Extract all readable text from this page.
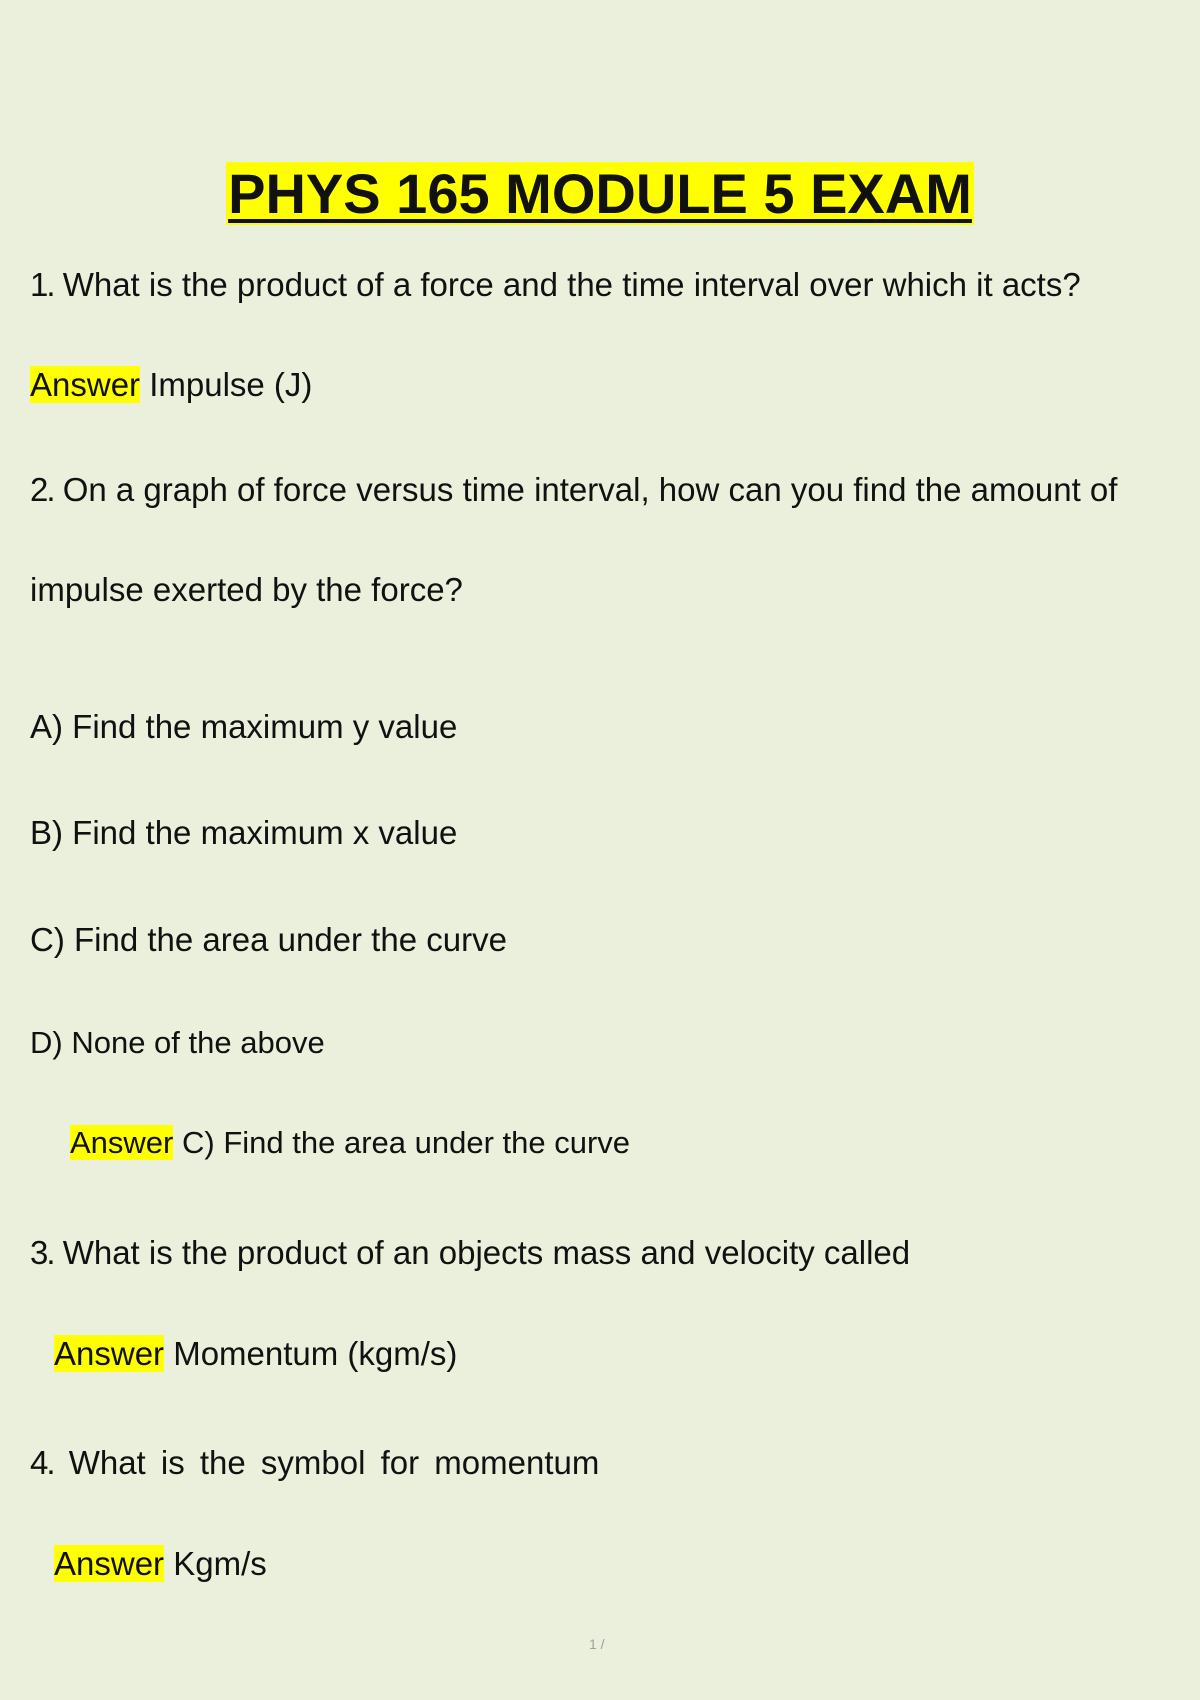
PHYS 165 MODULE 5 EXAM
1. What is the product of a force and the time interval over which it acts?
Answer Impulse (J)
2. On a graph of force versus time interval, how can you find the amount of
impulse exerted by the force?
A) Find the maximum y value
B) Find the maximum x value
C) Find the area under the curve
D) None of the above
Answer C) Find the area under the curve
3. What is the product of an objects mass and velocity called
Answer Momentum (kgm/s)
4. What is the symbol for momentum
Answer Kgm/s
1 /
